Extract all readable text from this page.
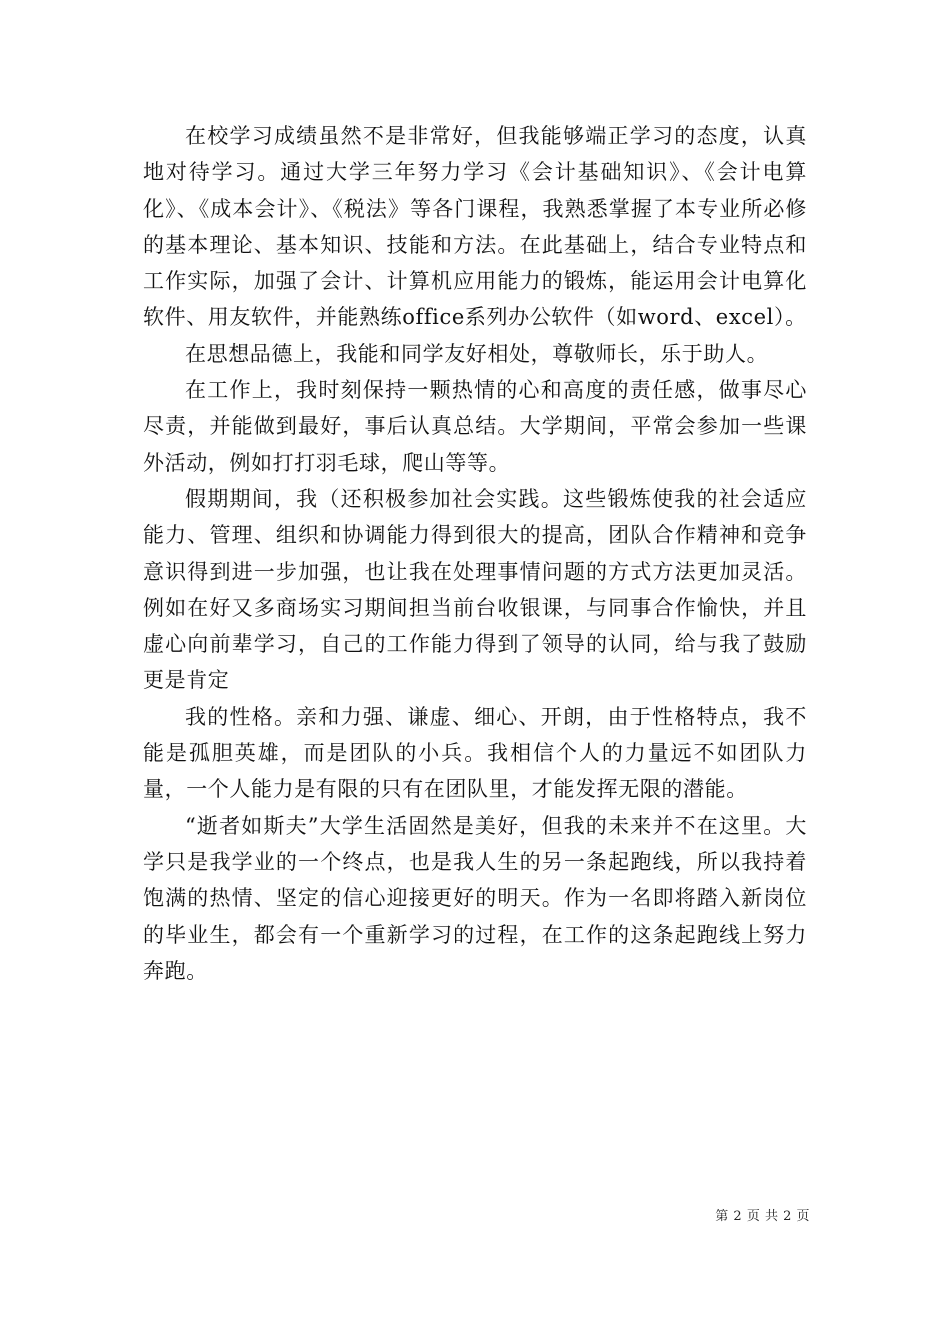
在校学习成绩虽然不是非常好，但我能够端正学习的态度，认真地对待学习。通过大学三年努力学习《会计基础知识》、《会计电算化》、《成本会计》、《税法》等各门课程，我熟悉掌握了本专业所必修的基本理论、基本知识、技能和方法。在此基础上，结合专业特点和工作实际，加强了会计、计算机应用能力的锻炼，能运用会计电算化软件、用友软件，并能熟练office系列办公软件（如word、excel）。

在思想品德上，我能和同学友好相处，尊敬师长，乐于助人。

在工作上，我时刻保持一颗热情的心和高度的责任感，做事尽心尽责，并能做到最好，事后认真总结。大学期间，平常会参加一些课外活动，例如打打羽毛球，爬山等等。

假期期间，我（还积极参加社会实践。这些锻炼使我的社会适应能力、管理、组织和协调能力得到很大的提高，团队合作精神和竞争意识得到进一步加强，也让我在处理事情问题的方式方法更加灵活。例如在好又多商场实习期间担当前台收银课，与同事合作愉快，并且虚心向前辈学习，自己的工作能力得到了领导的认同，给与我了鼓励更是肯定

我的性格。亲和力强、谦虚、细心、开朗，由于性格特点，我不能是孤胆英雄，而是团队的小兵。我相信个人的力量远不如团队力量，一个人能力是有限的只有在团队里，才能发挥无限的潜能。

“逝者如斯夫”大学生活固然是美好，但我的未来并不在这里。大学只是我学业的一个终点，也是我人生的另一条起跑线，所以我持着饱满的热情、坚定的信心迎接更好的明天。作为一名即将踏入新岗位的毕业生，都会有一个重新学习的过程，在工作的这条起跑线上努力奔跑。

第 2 页 共 2 页
